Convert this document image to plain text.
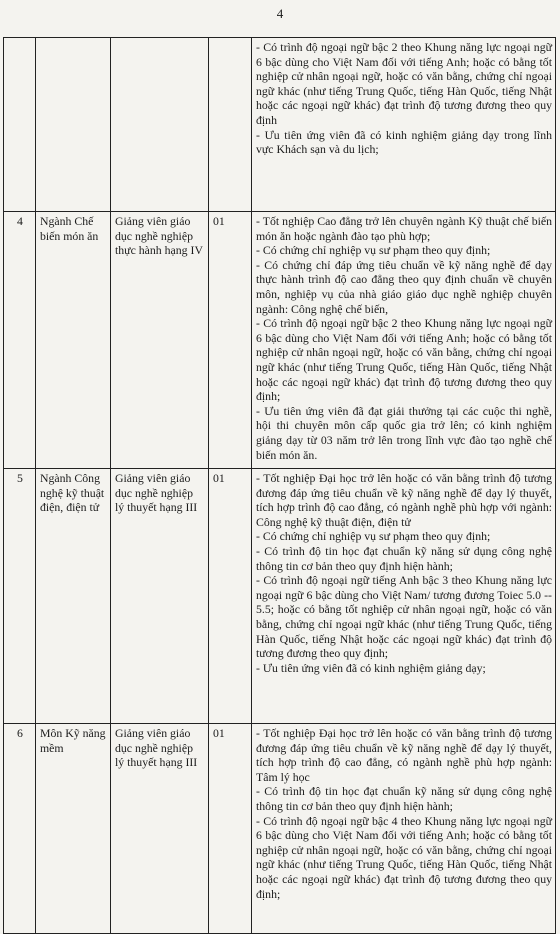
4

				- Có trình độ ngoại ngữ bậc 2 theo Khung năng lực ngoại ngữ 6 bậc dùng cho Việt Nam đối với tiếng Anh; hoặc có bằng tốt nghiệp cử nhân ngoại ngữ, hoặc có văn bằng, chứng chỉ ngoại ngữ khác (như tiếng Trung Quốc, tiếng Hàn Quốc, tiếng Nhật hoặc các ngoại ngữ khác) đạt trình độ tương đương theo quy định
- Ưu tiên ứng viên đã có kinh nghiệm giảng dạy trong lĩnh vực Khách sạn và du lịch;

4	Ngành Chế biến món ăn	Giảng viên giáo dục nghề nghiệp thực hành hạng IV	01	- Tốt nghiệp Cao đẳng trở lên chuyên ngành Kỹ thuật chế biến món ăn hoặc ngành đào tạo phù hợp;
- Có chứng chỉ nghiệp vụ sư phạm theo quy định;
- Có chứng chỉ đáp ứng tiêu chuẩn về kỹ năng nghề để dạy thực hành trình độ cao đẳng theo quy định chuẩn về chuyên môn, nghiệp vụ của nhà giáo giáo dục nghề nghiệp chuyên ngành: Công nghệ chế biến,
- Có trình độ ngoại ngữ bậc 2 theo Khung năng lực ngoại ngữ 6 bậc dùng cho Việt Nam đối với tiếng Anh; hoặc có bằng tốt nghiệp cử nhân ngoại ngữ, hoặc có văn bằng, chứng chỉ ngoại ngữ khác (như tiếng Trung Quốc, tiếng Hàn Quốc, tiếng Nhật hoặc các ngoại ngữ khác) đạt trình độ tương đương theo quy định;
- Ưu tiên ứng viên đã đạt giải thưởng tại các cuộc thi nghề, hội thi chuyên môn cấp quốc gia trở lên; có kinh nghiệm giảng dạy từ 03 năm trở lên trong lĩnh vực đào tạo nghề chế biến món ăn.

5	Ngành Công nghệ kỹ thuật điện, điện tử	Giảng viên giáo dục nghề nghiệp lý thuyết hạng III	01	- Tốt nghiệp Đại học trở lên hoặc có văn bằng trình độ tương đương đáp ứng tiêu chuẩn về kỹ năng nghề để dạy lý thuyết, tích hợp trình độ cao đẳng, có ngành nghề phù hợp với ngành: Công nghệ kỹ thuật điện, điện tử
- Có chứng chỉ nghiệp vụ sư phạm theo quy định;
- Có trình độ tin học đạt chuẩn kỹ năng sử dụng công nghệ thông tin cơ bản theo quy định hiện hành;
- Có trình độ ngoại ngữ tiếng Anh bậc 3 theo Khung năng lực ngoại ngữ 6 bậc dùng cho Việt Nam/ tương đương Toiec 5.0 -- 5.5; hoặc có bằng tốt nghiệp cử nhân ngoại ngữ, hoặc có văn bằng, chứng chỉ ngoại ngữ khác (như tiếng Trung Quốc, tiếng Hàn Quốc, tiếng Nhật hoặc các ngoại ngữ khác) đạt trình độ tương đương theo quy định;
- Ưu tiên ứng viên đã có kinh nghiệm giảng dạy;

6	Môn Kỹ năng mềm	Giảng viên giáo dục nghề nghiệp lý thuyết hạng III	01	- Tốt nghiệp Đại học trở lên hoặc có văn bằng trình độ tương đương đáp ứng tiêu chuẩn về kỹ năng nghề để dạy lý thuyết, tích hợp trình độ cao đẳng, có ngành nghề phù hợp ngành: Tâm lý học
- Có trình độ tin học đạt chuẩn kỹ năng sử dụng công nghệ thông tin cơ bản theo quy định hiện hành;
- Có trình độ ngoại ngữ bậc 4 theo Khung năng lực ngoại ngữ 6 bậc dùng cho Việt Nam đối với tiếng Anh; hoặc có bằng tốt nghiệp cử nhân ngoại ngữ, hoặc có văn bằng, chứng chỉ ngoại ngữ khác (như tiếng Trung Quốc, tiếng Hàn Quốc, tiếng Nhật hoặc các ngoại ngữ khác) đạt trình độ tương đương theo quy định;
